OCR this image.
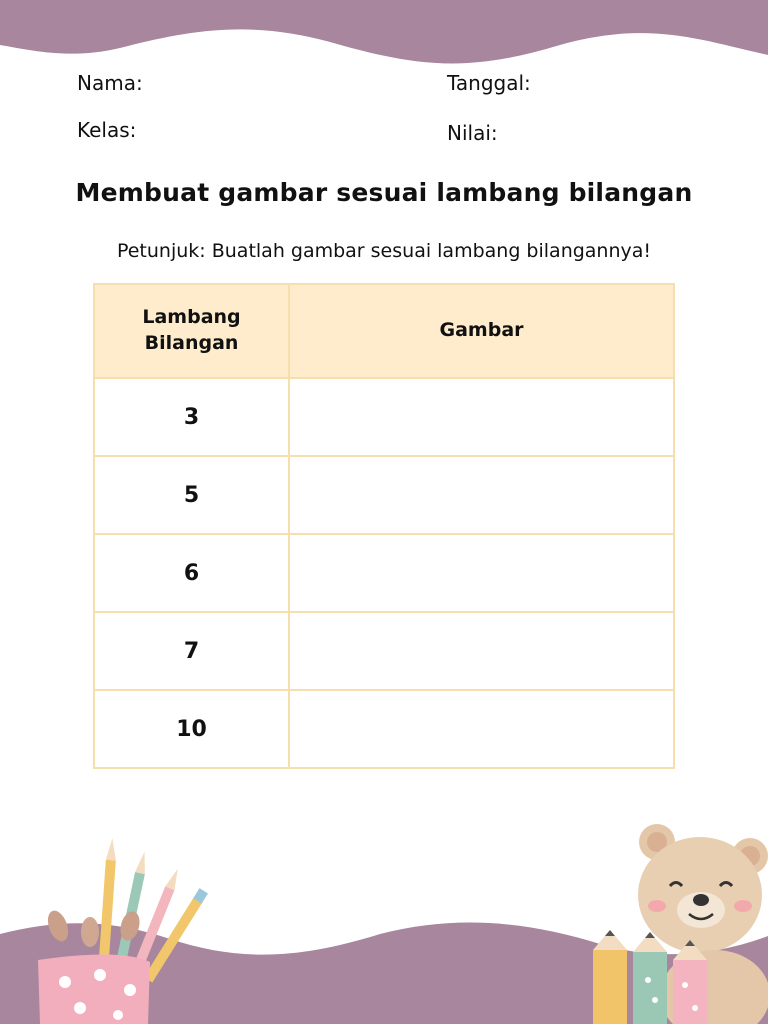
Nama:
Kelas:
Tanggal:
Nilai:
Membuat gambar sesuai lambang bilangan
Petunjuk: Buatlah gambar sesuai lambang bilangannya!
Lambang
Bilangan	Gambar
3	
5	
6	
7	
10	
